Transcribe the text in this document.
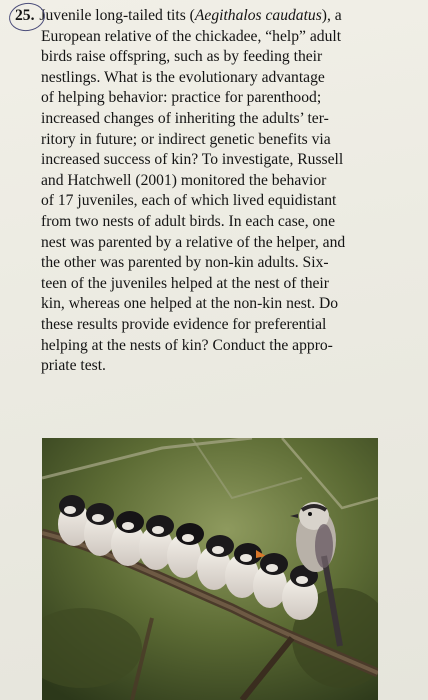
25. Juvenile long-tailed tits (Aegithalos caudatus), a
European relative of the chickadee, “help” adult
birds raise offspring, such as by feeding their
nestlings. What is the evolutionary advantage
of helping behavior: practice for parenthood;
increased changes of inheriting the adults’ ter-
ritory in future; or indirect genetic benefits via
increased success of kin? To investigate, Russell
and Hatchwell (2001) monitored the behavior
of 17 juveniles, each of which lived equidistant
from two nests of adult birds. In each case, one
nest was parented by a relative of the helper, and
the other was parented by non-kin adults. Six-
teen of the juveniles helped at the nest of their
kin, whereas one helped at the non-kin nest. Do
these results provide evidence for preferential
helping at the nests of kin? Conduct the appro-
priate test.
